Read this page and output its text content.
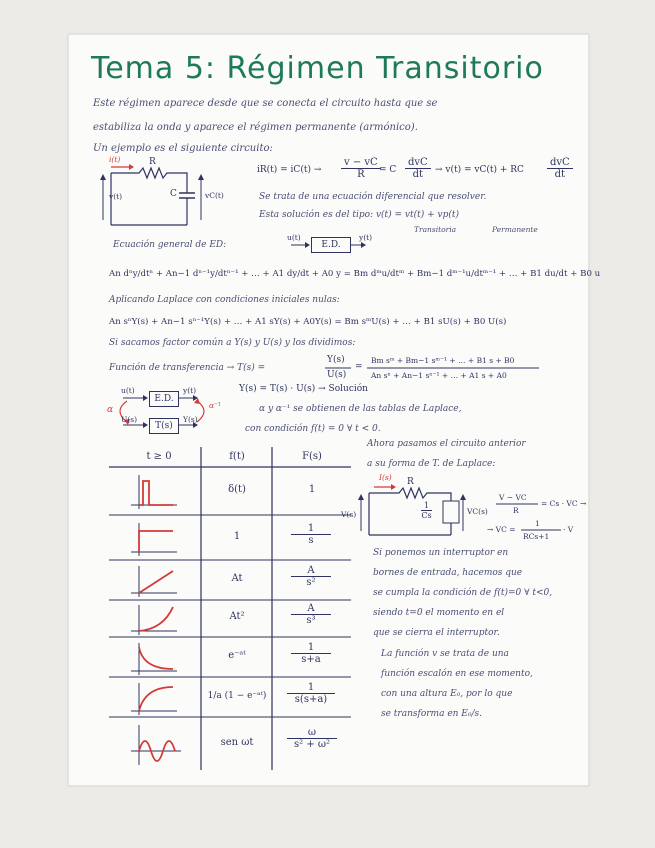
Tema 5: Régimen Transitorio
Este régimen aparece desde que se conecta el circuito hasta que se
estabiliza la onda y aparece el régimen permanente (armónico).
Un ejemplo es el siguiente circuito:
i(t)	R
C
v(t)	vC(t)
$iR(t) = iC(t) \to \frac{v - vC}{R}$
= C
dvC
dt	→ v(t) = vC(t) + RC
dvC
dt
Se trata de una ecuación diferencial que resolver.
Esta solución es del tipo: v(t) = vt(t) + vp(t)
Transitoria	Permanente
Ecuación general de ED:
u(t)
E.D.
y(t)
An dⁿy/dtⁿ + An−1 dⁿ⁻¹y/dtⁿ⁻¹ + … + A1 dy/dt + A0 y = Bm dᵐu/dtᵐ + Bm−1 dᵐ⁻¹u/dtᵐ⁻¹ + … + B1 du/dt + B0 u
Aplicando Laplace con condiciones iniciales nulas:
An sⁿY(s) + An−1 sⁿ⁻¹Y(s) + … + A1 sY(s) + A0Y(s) = Bm sᵐU(s) + … + B1 sU(s) + B0 U(s)
Si sacamos factor común a Y(s) y U(s) y los dividimos:
Función de transferencia → T(s) =
Y(s)
U(s)
=
Bm sᵐ + Bm−1 sᵐ⁻¹ + … + B1 s + B0
An sⁿ + An−1 sⁿ⁻¹ + … + A1 s + A0
u(t)
E.D.
y(t)
U(s)
T(s)
Y(s)
α	α⁻¹
Y(s) = T(s) · U(s) → Solución
α y α⁻¹ se obtienen de las tablas de Laplace,
con condición f(t) = 0 ∀ t < 0.
t ≥ 0	f(t)	F(s)
δ(t)	1
1	$\frac{1}{s}$
At	$\frac{A}{\text{s²}}$
At²	$\frac{A}{\text{s³}}$
e⁻ᵃᵗ	$\frac{1}{s+a}$
1/a (1 − e⁻ᵃᵗ)	$\frac{1}{s(s+a)}$
sen ωt	$\frac{\omega}{\text{s² + ω²}}$
Ahora pasamos el circuito anterior
a su forma de T. de Laplace:
I(s) R
$\frac{1}{Cs}$
V(s)	VC(s)
V − VC
R
= Cs · VC →
→ VC =
1
RCs+1
· V
Si ponemos un interruptor en
bornes de entrada, hacemos que
se cumpla la condición de f(t)=0 ∀ t<0,
siendo t=0 el momento en el
que se cierra el interruptor.
La función v se trata de una
función escalón en ese momento,
con una altura E₀, por lo que
se transforma en E₀/s.
